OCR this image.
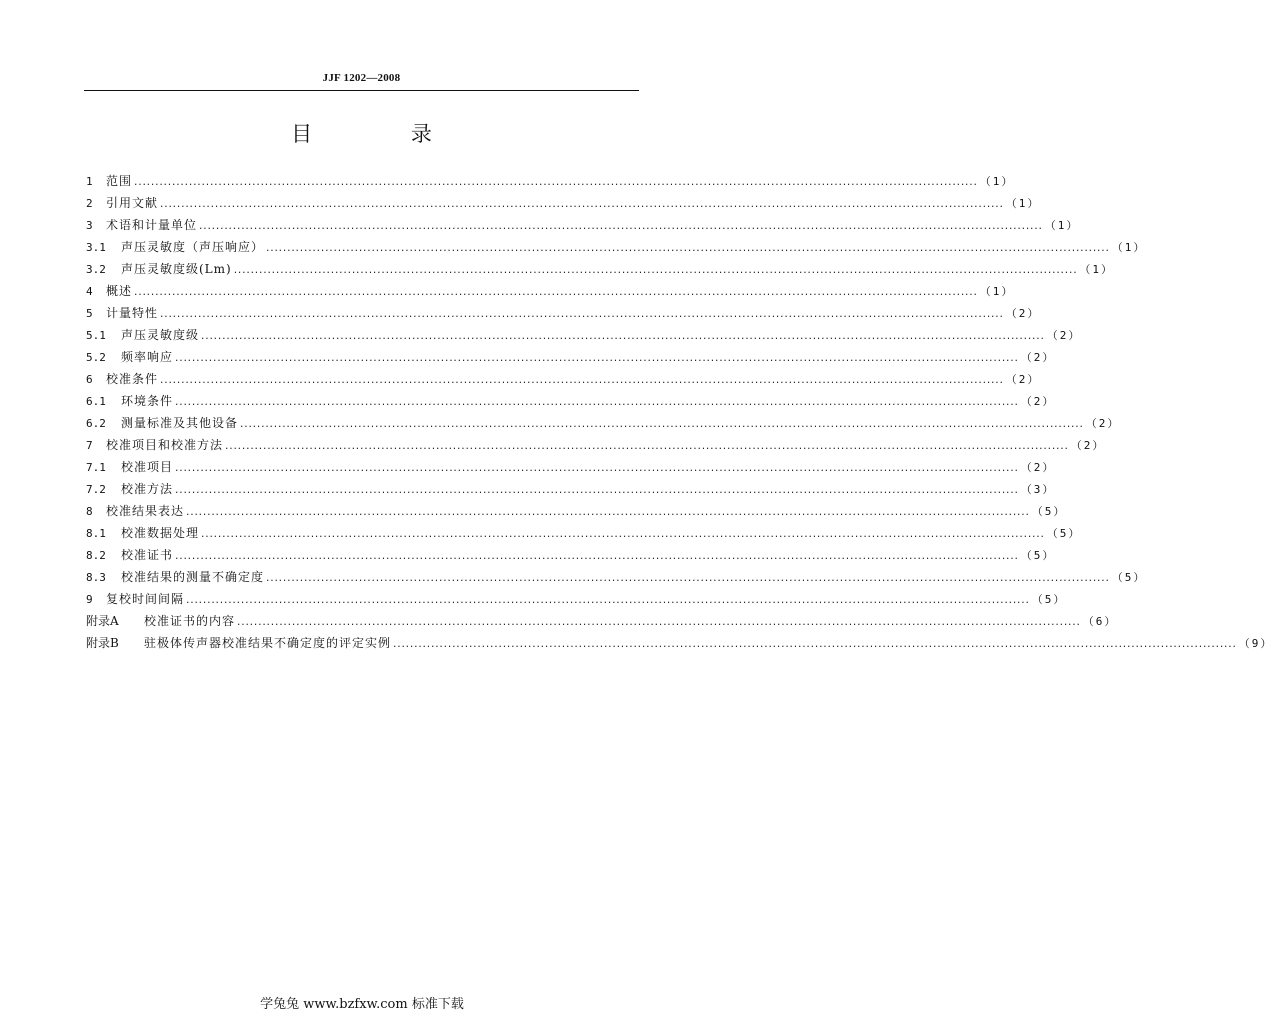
JJF 1202—2008
目 录
1	范围 ........................................................................................................................................................................................................ （1）
2	引用文献 ........................................................................................................................................................................................................ （1）
3	术语和计量单位 ........................................................................................................................................................................................................ （1）
3.1	声压灵敏度（声压响应） ........................................................................................................................................................................................................ （1）
3.2	声压灵敏度级(Lm) ........................................................................................................................................................................................................ （1）
4	概述 ........................................................................................................................................................................................................ （1）
5	计量特性 ........................................................................................................................................................................................................ （2）
5.1	声压灵敏度级 ........................................................................................................................................................................................................ （2）
5.2	频率响应 ........................................................................................................................................................................................................ （2）
6	校准条件 ........................................................................................................................................................................................................ （2）
6.1	环境条件 ........................................................................................................................................................................................................ （2）
6.2	测量标准及其他设备 ........................................................................................................................................................................................................ （2）
7	校准项目和校准方法 ........................................................................................................................................................................................................ （2）
7.1	校准项目 ........................................................................................................................................................................................................ （2）
7.2	校准方法 ........................................................................................................................................................................................................ （3）
8	校准结果表达 ........................................................................................................................................................................................................ （5）
8.1	校准数据处理 ........................................................................................................................................................................................................ （5）
8.2	校准证书 ........................................................................................................................................................................................................ （5）
8.3	校准结果的测量不确定度 ........................................................................................................................................................................................................ （5）
9	复校时间间隔 ........................................................................................................................................................................................................ （5）
附录A	校准证书的内容 ........................................................................................................................................................................................................ （6）
附录B	驻极体传声器校准结果不确定度的评定实例 ........................................................................................................................................................................................................ （9）
学兔兔 www.bzfxw.com 标准下载
